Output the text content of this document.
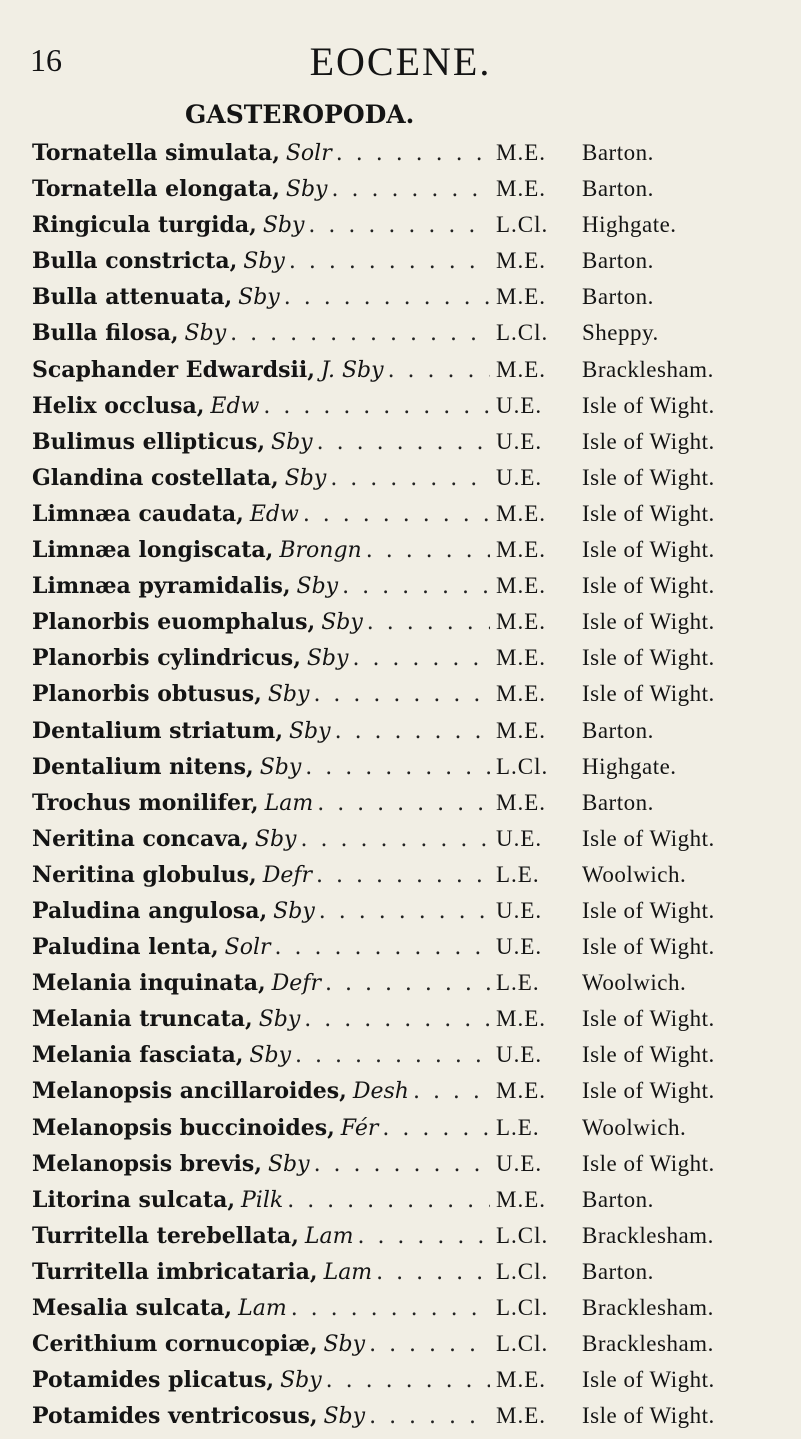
16	EOCENE.
GASTEROPODA.
Tornatella simulata, Solr . . .	M.E.	Barton.
Tornatella elongata, Sby . . .	M.E.	Barton.
Ringicula turgida, Sby . . .	L.Cl.	Highgate.
Bulla constricta, Sby . . .	M.E.	Barton.
Bulla attenuata, Sby . . .	M.E.	Barton.
Bulla filosa, Sby . . .	L.Cl.	Sheppy.
Scaphander Edwardsii, J. Sby . . .	M.E.	Bracklesham.
Helix occlusa, Edw . . .	U.E.	Isle of Wight.
Bulimus ellipticus, Sby . . .	U.E.	Isle of Wight.
Glandina costellata, Sby . . .	U.E.	Isle of Wight.
Limnæa caudata, Edw . . .	M.E.	Isle of Wight.
Limnæa longiscata, Brongn . . .	M.E.	Isle of Wight.
Limnæa pyramidalis, Sby . . .	M.E.	Isle of Wight.
Planorbis euomphalus, Sby . . .	M.E.	Isle of Wight.
Planorbis cylindricus, Sby . . .	M.E.	Isle of Wight.
Planorbis obtusus, Sby . . .	M.E.	Isle of Wight.
Dentalium striatum, Sby . . .	M.E.	Barton.
Dentalium nitens, Sby . . .	L.Cl.	Highgate.
Trochus monilifer, Lam . . .	M.E.	Barton.
Neritina concava, Sby . . .	U.E.	Isle of Wight.
Neritina globulus, Defr . . .	L.E.	Woolwich.
Paludina angulosa, Sby . . .	U.E.	Isle of Wight.
Paludina lenta, Solr . . .	U.E.	Isle of Wight.
Melania inquinata, Defr . . .	L.E.	Woolwich.
Melania truncata, Sby . . .	M.E.	Isle of Wight.
Melania fasciata, Sby . . .	U.E.	Isle of Wight.
Melanopsis ancillaroides, Desh . . .	M.E.	Isle of Wight.
Melanopsis buccinoides, Fér . . .	L.E.	Woolwich.
Melanopsis brevis, Sby . . .	U.E.	Isle of Wight.
Litorina sulcata, Pilk . . .	M.E.	Barton.
Turritella terebellata, Lam . . .	L.Cl.	Bracklesham.
Turritella imbricataria, Lam . . .	L.Cl.	Barton.
Mesalia sulcata, Lam . . .	L.Cl.	Bracklesham.
Cerithium cornucopiæ, Sby . . .	L.Cl.	Bracklesham.
Potamides plicatus, Sby . . .	M.E.	Isle of Wight.
Potamides ventricosus, Sby . . .	M.E.	Isle of Wight.
